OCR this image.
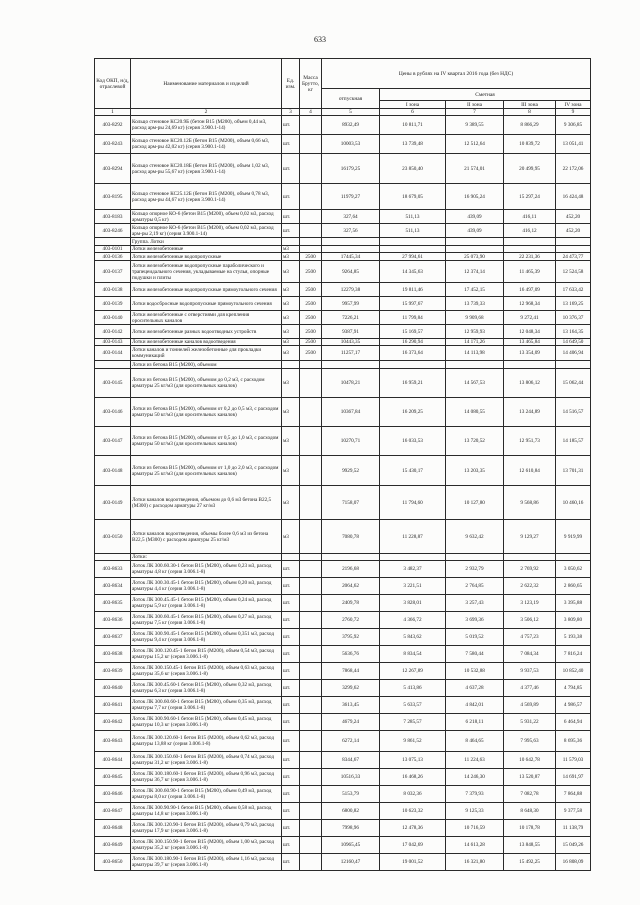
633
Код ОКП, н/д, отраслевой	Наименование материалов и изделий	Ед. изм.	Масса Брутто, кг	Цены в рублях на IV квартал 2016 года (без НДС)				
				отпускная	Сметная			
					I зона	II зона	III зона	IV зона
1	2	3	4	5	6	7	8	9
403-8292	Кольцо стеновое КС20.9Б (бетон В15 (М200), объем 0,44 м3, расход арм-ры 24,69 кг) (серия 3.900.1-14)	шт.		8932,49	10 811,71	9 389,55	8 866,29	9 306,85
403-8243	Кольцо стеновое КС20.12Б (бетон В15 (М200), объем 0,66 м3, расход арм-ры 42,02 кг) (серия 3.900.1-14)	шт.		10003,53	13 739,48	12 512,64	10 839,72	13 051,41
403-8294	Кольцо стеновое КС20.18Б (бетон В15 (М200), объем 1,02 м3, расход арм-ры 55,67 кг) (серия 3.900.1-14)	шт.		16179,25	23 850,40	21 574,01	20 499,95	22 172,06
403-8195	Кольцо стеновое КС25.12Б (бетон В15 (М200), объем 0,78 м3, расход арм-ры 44,67 кг) (серия 3.900.1-14)	шт.		11979,27	18 679,05	16 905,24	15 297,24	16 424,48
403-8183	Кольцо опорное КО-6 (бетон В15 (М200), объем 0,02 м3, расход арматуры 0,5 кг)	шт.		327,64	511,13	439,09	416,11	452,20
403-8246	Кольцо опорное КО-6 (бетон В15 (М200), объем 0,02 м3, расход арм-ры 2,19 кг) (серия 3.900.1-14)	шт.		327,56	511,13	439,09	416,12	452,20
	Группа. Лотки							
403-0101	Лотки железобетонные	м3						
403-0136	Лотки железобетонные водопропускные	м3	2500	17445,34	27 994,61	25 073,90	22 231,36	24 473,77
403-0137	Лотки железобетонные водопропускные параболического и трапецеидального сечения, укладываемые на стулья, опорные подушки и плиты	м3	2500	9264,85	14 345,63	12 374,14	11 465,39	12 524,58
403-0138	Лотки железобетонные водопропускные прямоугольного сечения	м3	2500	12279,38	19 811,46	17 452,15	16 497,09	17 633,42
403-0139	Лотки водосбросные водопропускные прямоугольного сечения	м3	2500	9957,99	15 997,67	13 739,33	12 968,34	13 169,25
403-0140	Лотки железобетонные с отверстиями для крепления оросительных каналов	м3	2500	7226,21	11 799,84	9 909,68	9 272,41	10 376,37
403-0142	Лотки железобетонные разных водоотводных устройств	м3	2500	9387,91	15 169,57	12 959,93	12 048,34	13 164,35
403-0143	Лотки железобетонные каналов водоотведения	м3	2500	10443,35	16 290,94	14 171,26	13 465,84	14 649,50
403-0144	Лотки каналов и тоннелей железобетонные для прокладки коммуникаций	м3	2500	11257,17	16 373,64	14 113,98	13 354,09	14 406,94
	Лотки из бетона В15 (М200), объемом							
403-0145	Лотки из бетона В15 (М200), объемом до 0,2 м3, с расходом арматуры 25 кг/м3 (для оросительных каналов)	м3		10478,21	16 959,21	14 567,53	13 806,12	15 062,44
403-0146	Лотки из бетона В15 (М200), объемом от 0,2 до 0,5 м3, с расходом арматуры 50 кг/м3 (для оросительных каналов)	м3		10367,84	16 209,25	14 080,55	13 244,89	14 516,57
403-0147	Лотки из бетона В15 (М200), объемом от 0,5 до 1,0 м3, с расходом арматуры 50 кг/м3 (для оросительных каналов)	м3		10270,71	16 033,53	13 720,52	12 951,73	14 185,57
403-0148	Лотки из бетона В15 (М200), объемом от 1,0 до 2,0 м3, с расходом арматуры 25 кг/м3 (для оросительных каналов)	м3		9929,52	15 430,17	13 203,35	12 610,84	13 701,31
403-0149	Лотки каналов водоотведения, объемом до 0,6 м3 бетона В22,5 (М300) с расходом арматуры 27 кг/м3	м3		7158,07	11 794,60	10 127,80	9 568,86	10 460,16
403-0150	Лотки каналов водоотведения, объемы более 0,6 м3 из бетона В22,5 (М300) с расходом арматуры 25 кг/м3	м3		7080,78	11 228,87	9 632,42	9 129,27	9 919,99
	Лотки:							
403-8633	Лоток ЛК 300.60.30-1 бетон В15 (М200), объем 0,23 м3, расход арматуры 4,8 кг (серия 3.006.1-8)	шт.		2196,68	3 482,37	2 932,79	2 769,92	3 050,62
403-8634	Лоток ЛК 300.30.45-1 бетон В15 (М200), объем 0,20 м3, расход арматуры 4,4 кг (серия 3.006.1-8)	шт.		2064,62	3 221,51	2 764,85	2 622,32	2 860,65
403-8635	Лоток ЛК 300.45.45-1 бетон В15 (М200), объем 0,24 м3, расход арматуры 5,9 кг (серия 3.006.1-8)	шт.		2409,78	3 828,01	3 257,43	3 123,19	3 395,88
403-8636	Лоток ЛК 300.60.45-1 бетон В15 (М200), объем 0,27 м3, расход арматуры 7,5 кг (серия 3.006.1-8)	шт.		2760,72	4 366,72	3 699,36	3 506,12	3 809,80
403-8637	Лоток ЛК 300.90.45-1 бетон В15 (М200), объем 0,351 м3, расход арматуры 9,4 кг (серия 3.006.1-8)	шт.		3795,92	5 843,62	5 019,52	4 757,23	5 193,38
403-8638	Лоток ЛК 300.120.45-1 бетон В15 (М200), объем 0,54 м3, расход арматуры 15,2 кг (серия 3.006.1-8)	шт.		5636,76	8 834,54	7 580,44	7 084,34	7 816,24
403-8639	Лоток ЛК 300.150.45-1 бетон В15 (М200), объем 0,63 м3, расход арматуры 35,6 кг (серия 3.006.1-8)	шт.		7868,44	12 267,89	10 532,88	9 937,53	10 852,40
403-8640	Лоток ЛК 300.45.60-1 бетон В15 (М200), объем 0,32 м3, расход арматуры 6,3 кг (серия 3.006.1-8)	шт.		3299,62	5 413,86	4 637,28	4 377,46	4 794,85
403-8641	Лоток ЛК 300.60.60-1 бетон В15 (М200), объем 0,35 м3, расход арматуры 7,7 кг (серия 3.006.1-8)	шт.		3613,45	5 633,57	4 842,01	4 569,89	4 986,57
403-8642	Лоток ЛК 300.90.60-1 бетон В15 (М200), объем 0,45 м3, расход арматуры 10,3 кг (серия 3.006.1-8)	шт.		4679,24	7 285,57	6 218,11	5 931,22	6 464,94
403-8643	Лоток ЛК 300.120.60-1 бетон В15 (М200), объем 0,62 м3, расход арматуры 13,88 кг (серия 3.006.1-8)	шт.		6272,14	9 861,52	8 464,65	7 995,63	8 695,36
403-8644	Лоток ЛК 300.150.60-1 бетон В15 (М200), объем 0,74 м3, расход арматуры 31,2 кг (серия 3.006.1-8)	шт.		8344,67	13 075,13	11 224,63	10 642,78	11 579,03
403-8645	Лоток ЛК 300.180.60-1 бетон В15 (М200), объем 0,96 м3, расход арматуры 36,7 кг (серия 3.006.1-8)	шт.		10516,33	16 468,26	14 246,30	13 520,87	14 691,97
403-8646	Лоток ЛК 300.60.90-1 бетон В15 (М200), объем 0,49 м3, расход арматуры 8,0 кг (серия 3.006.1-8)	шт.		5153,79	8 032,36	7 379,93	7 082,78	7 864,88
403-8647	Лоток ЛК 300.90.90-1 бетон В15 (М200), объем 0,58 м3, расход арматуры 14,8 кг (серия 3.006.1-8)	шт.		6800,82	10 623,32	9 125,33	8 648,30	9 377,58
403-8648	Лоток ЛК 300.120.90-1 бетон В15 (М200), объем 0,79 м3, расход арматуры 17,9 кг (серия 3.006.1-8)	шт.		7998,96	12 478,36	10 716,59	10 178,78	11 138,79
403-8649	Лоток ЛК 300.150.90-1 бетон В15 (М200), объем 1,00 м3, расход арматуры 35,2 кг (серия 3.006.1-8)	шт.		10965,45	17 042,69	14 613,28	13 848,55	15 049,26
403-8650	Лоток ЛК 300.180.90-1 бетон В15 (М200), объем 1,16 м3, расход арматуры 39,7 кг (серия 3.006.1-8)	шт.		12160,47	19 001,52	16 321,80	15 492,25	16 808,09
